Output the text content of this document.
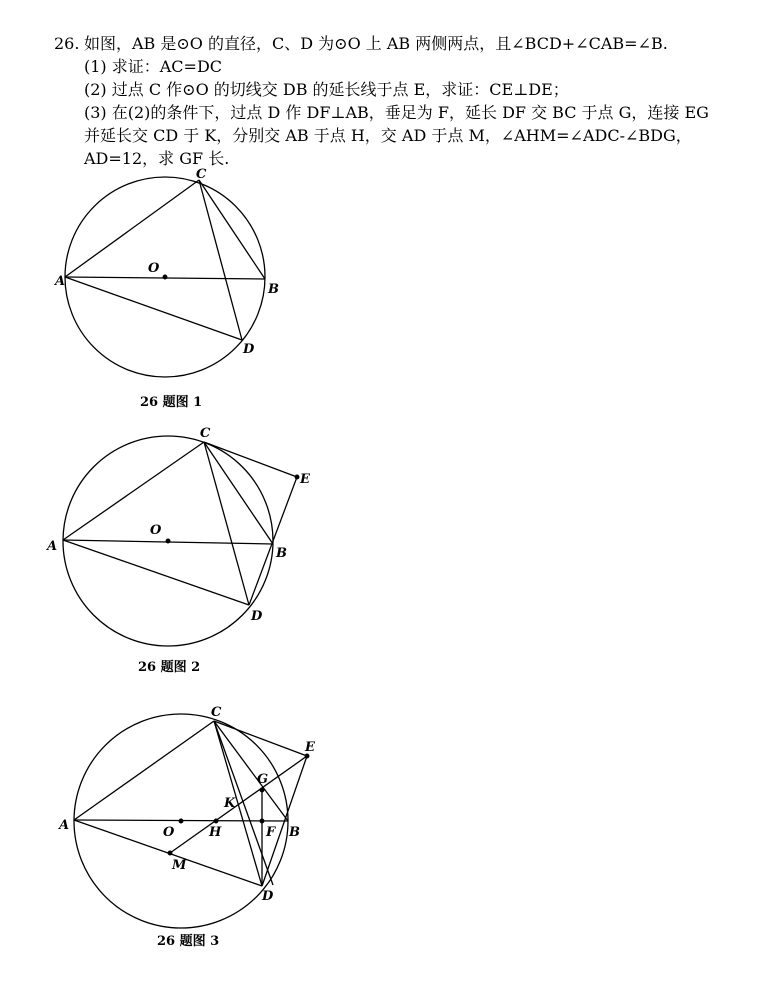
26. 如图，AB 是⊙O 的直径，C、D 为⊙O 上 AB 两侧两点，且∠BCD+∠CAB=∠B.
(1) 求证：AC=DC
(2) 过点 C 作⊙O 的切线交 DB 的延长线于点 E，求证：CE⊥DE；
(3) 在(2)的条件下，过点 D 作 DF⊥AB，垂足为 F，延长 DF 交 BC 于点 G，连接 EG
并延长交 CD 于 K，分别交 AB 于点 H，交 AD 于点 M，∠AHM=∠ADC-∠BDG，
AD=12，求 GF 长.
C
A
O
B
D
26 题图 1
C
E
O
A	B
D
26 题图 2
C
E
G
K
A	O	H	F B
M
D
26 题图 3
